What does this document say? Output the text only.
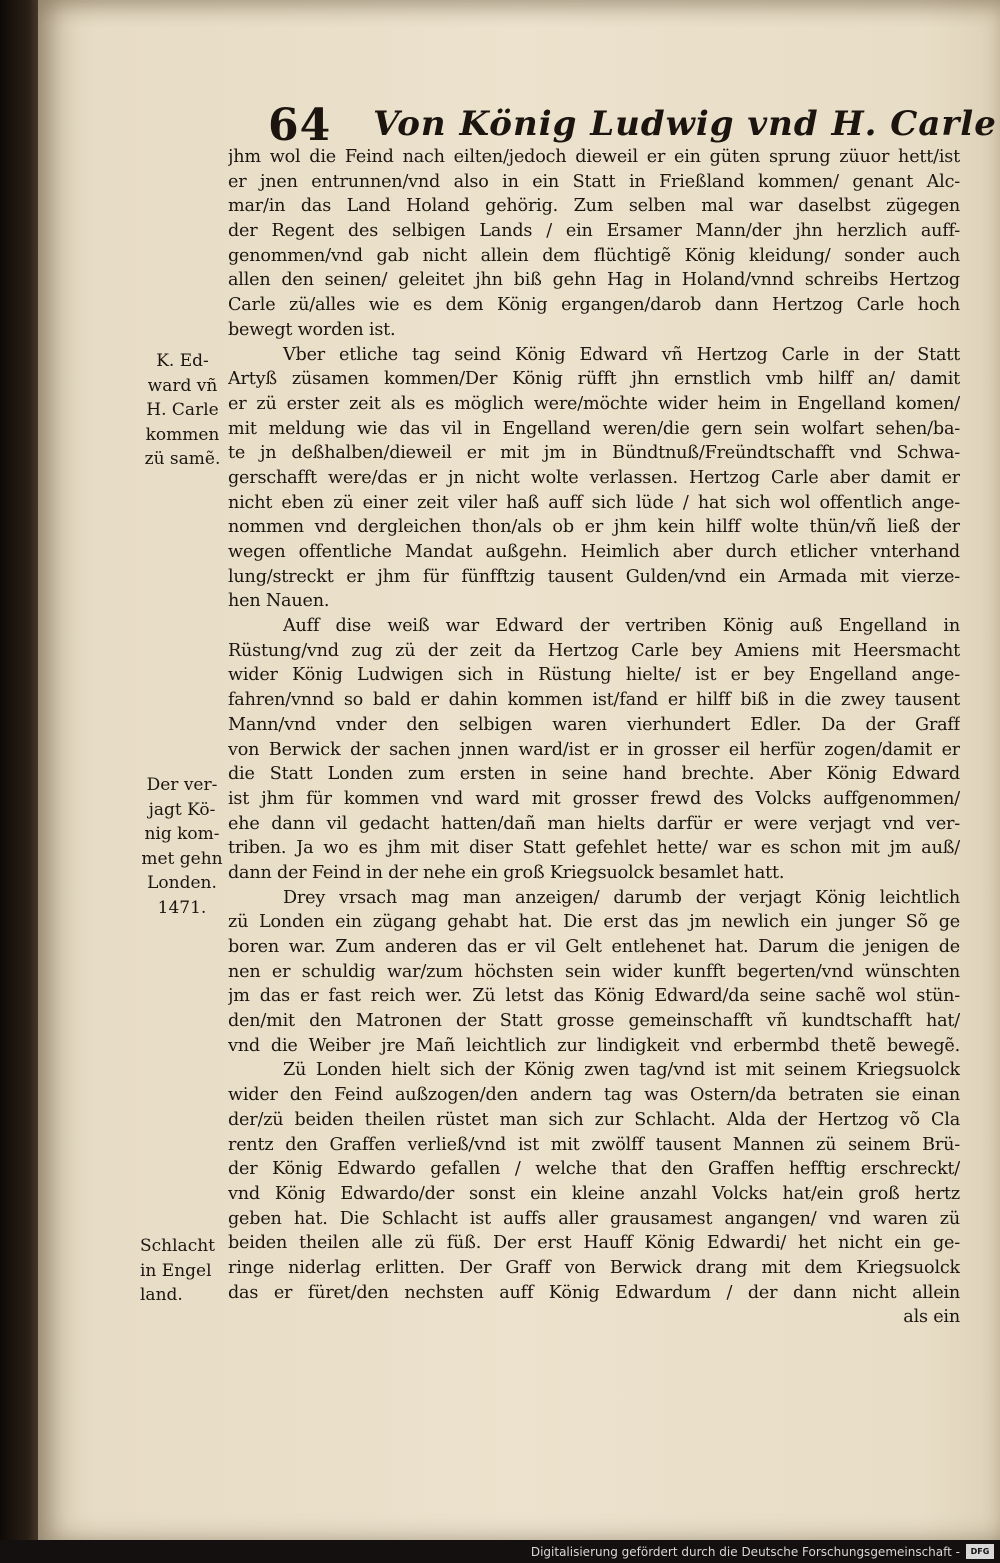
64 Von König Ludwig vnd H. Carle
jhm wol die Feind nach eilten/jedoch dieweil er ein güten sprung züuor hett/ist
er jnen entrunnen/vnd also in ein Statt in Frießland kommen/ genant Alc-
mar/in das Land Holand gehörig. Zum selben mal war daselbst zügegen
der Regent des selbigen Lands / ein Ersamer Mann/der jhn herzlich auff-
genommen/vnd gab nicht allein dem flüchtigẽ König kleidung/ sonder auch
allen den seinen/ geleitet jhn biß gehn Hag in Holand/vnnd schreibs Hertzog
Carle zü/alles wie es dem König ergangen/darob dann Hertzog Carle hoch
bewegt worden ist.
Vber etliche tag seind König Edward vñ Hertzog Carle in der Statt
Artyß züsamen kommen/Der König rüfft jhn ernstlich vmb hilff an/ damit
er zü erster zeit als es möglich were/möchte wider heim in Engelland komen/
mit meldung wie das vil in Engelland weren/die gern sein wolfart sehen/ba-
te jn deßhalben/dieweil er mit jm in Bündtnuß/Freündtschafft vnd Schwa-
gerschafft were/das er jn nicht wolte verlassen. Hertzog Carle aber damit er
nicht eben zü einer zeit viler haß auff sich lüde / hat sich wol offentlich ange-
nommen vnd dergleichen thon/als ob er jhm kein hilff wolte thün/vñ ließ der
wegen offentliche Mandat außgehn. Heimlich aber durch etlicher vnterhand
lung/streckt er jhm für fünfftzig tausent Gulden/vnd ein Armada mit vierze-
hen Nauen.
Auff dise weiß war Edward der vertriben König auß Engelland in
Rüstung/vnd zug zü der zeit da Hertzog Carle bey Amiens mit Heersmacht
wider König Ludwigen sich in Rüstung hielte/ ist er bey Engelland ange-
fahren/vnnd so bald er dahin kommen ist/fand er hilff biß in die zwey tausent
Mann/vnd vnder den selbigen waren vierhundert Edler. Da der Graff
von Berwick der sachen jnnen ward/ist er in grosser eil herfür zogen/damit er
die Statt Londen zum ersten in seine hand brechte. Aber König Edward
ist jhm für kommen vnd ward mit grosser frewd des Volcks auffgenommen/
ehe dann vil gedacht hatten/dañ man hielts darfür er were verjagt vnd ver-
triben. Ja wo es jhm mit diser Statt gefehlet hette/ war es schon mit jm auß/
dann der Feind in der nehe ein groß Kriegsuolck besamlet hatt.
Drey vrsach mag man anzeigen/ darumb der verjagt König leichtlich
zü Londen ein zügang gehabt hat. Die erst das jm newlich ein junger Sõ ge
boren war. Zum anderen das er vil Gelt entlehenet hat. Darum die jenigen de
nen er schuldig war/zum höchsten sein wider kunfft begerten/vnd wünschten
jm das er fast reich wer. Zü letst das König Edward/da seine sachẽ wol stün-
den/mit den Matronen der Statt grosse gemeinschafft vñ kundtschafft hat/
vnd die Weiber jre Mañ leichtlich zur lindigkeit vnd erbermbd thetẽ bewegẽ.
Zü Londen hielt sich der König zwen tag/vnd ist mit seinem Kriegsuolck
wider den Feind außzogen/den andern tag was Ostern/da betraten sie einan
der/zü beiden theilen rüstet man sich zur Schlacht. Alda der Hertzog võ Cla
rentz den Graffen verließ/vnd ist mit zwölff tausent Mannen zü seinem Brü-
der König Edwardo gefallen / welche that den Graffen hefftig erschreckt/
vnd König Edwardo/der sonst ein kleine anzahl Volcks hat/ein groß hertz
geben hat. Die Schlacht ist auffs aller grausamest angangen/ vnd waren zü
beiden theilen alle zü füß. Der erst Hauff König Edwardi/ het nicht ein ge-
ringe niderlag erlitten. Der Graff von Berwick drang mit dem Kriegsuolck
das er füret/den nechsten auff König Edwardum / der dann nicht allein
als ein
K. Ed-
ward vñ
H. Carle
kommen
zü samẽ.
Der ver-
jagt Kö-
nig kom-
met gehn
Londen.
1471.
Schlacht
in Engel
land.
Digitalisierung gefördert durch die Deutsche Forschungsgemeinschaft -	DFG
